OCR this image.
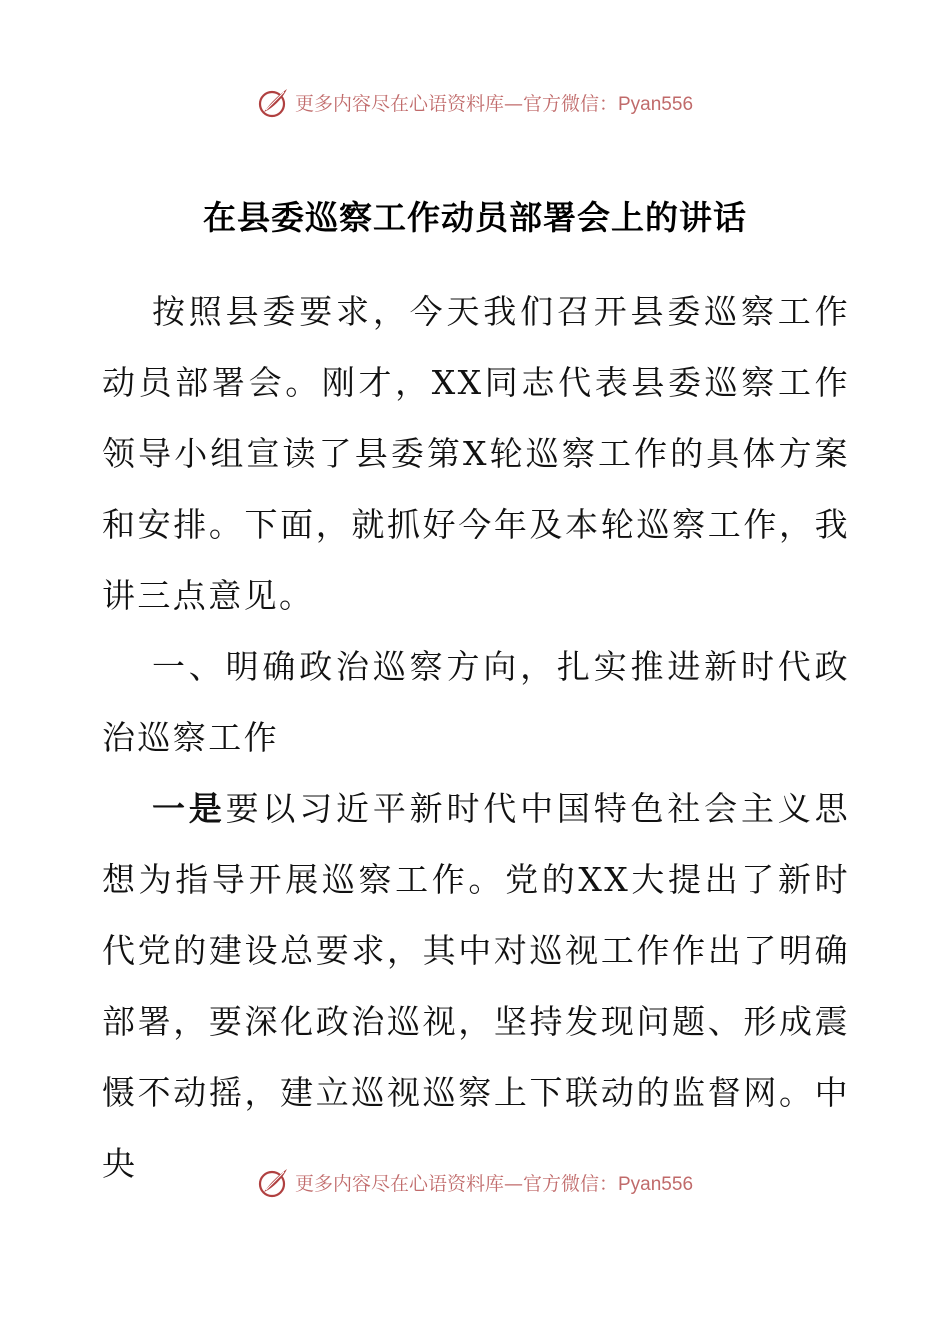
更多内容尽在心语资料库—官方微信：Pyan556
在县委巡察工作动员部署会上的讲话

按照县委要求，今天我们召开县委巡察工作动员部署会。刚才，XX同志代表县委巡察工作领导小组宣读了县委第X轮巡察工作的具体方案和安排。下面，就抓好今年及本轮巡察工作，我讲三点意见。

一、明确政治巡察方向，扎实推进新时代政治巡察工作

一是要以习近平新时代中国特色社会主义思想为指导开展巡察工作。党的XX大提出了新时代党的建设总要求，其中对巡视工作作出了明确部署，要深化政治巡视，坚持发现问题、形成震慑不动摇，建立巡视巡察上下联动的监督网。中央

更多内容尽在心语资料库—官方微信：Pyan556
